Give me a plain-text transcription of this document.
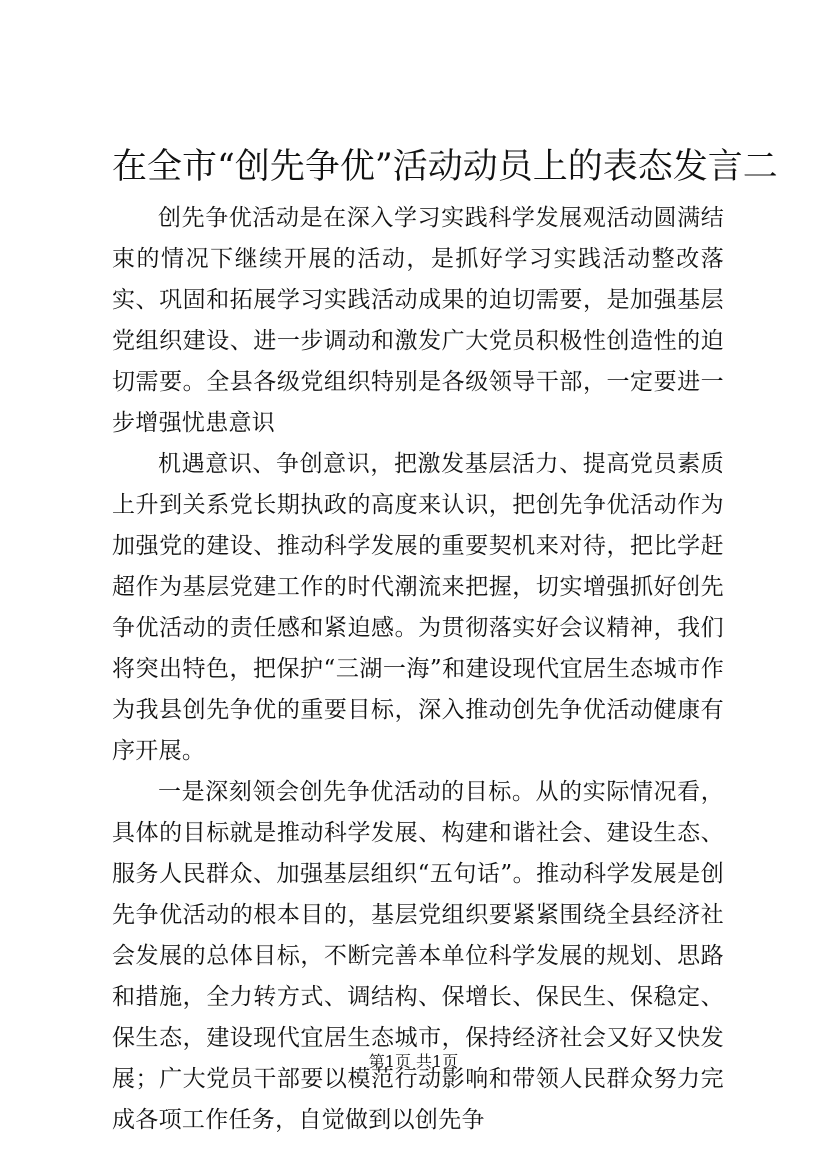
在全市“创先争优”活动动员上的表态发言二

创先争优活动是在深入学习实践科学发展观活动圆满结束的情况下继续开展的活动，是抓好学习实践活动整改落实、巩固和拓展学习实践活动成果的迫切需要，是加强基层党组织建设、进一步调动和激发广大党员积极性创造性的迫切需要。全县各级党组织特别是各级领导干部，一定要进一步增强忧患意识

机遇意识、争创意识，把激发基层活力、提高党员素质上升到关系党长期执政的高度来认识，把创先争优活动作为加强党的建设、推动科学发展的重要契机来对待，把比学赶超作为基层党建工作的时代潮流来把握，切实增强抓好创先争优活动的责任感和紧迫感。为贯彻落实好会议精神，我们将突出特色，把保护“三湖一海”和建设现代宜居生态城市作为我县创先争优的重要目标，深入推动创先争优活动健康有序开展。

一是深刻领会创先争优活动的目标。从的实际情况看，具体的目标就是推动科学发展、构建和谐社会、建设生态、服务人民群众、加强基层组织“五句话”。推动科学发展是创先争优活动的根本目的，基层党组织要紧紧围绕全县经济社会发展的总体目标，不断完善本单位科学发展的规划、思路和措施，全力转方式、调结构、保增长、保民生、保稳定、保生态，建设现代宜居生态城市，保持经济社会又好又快发展；广大党员干部要以模范行动影响和带领人民群众努力完成各项工作任务，自觉做到以创先争

第1页 共1页
